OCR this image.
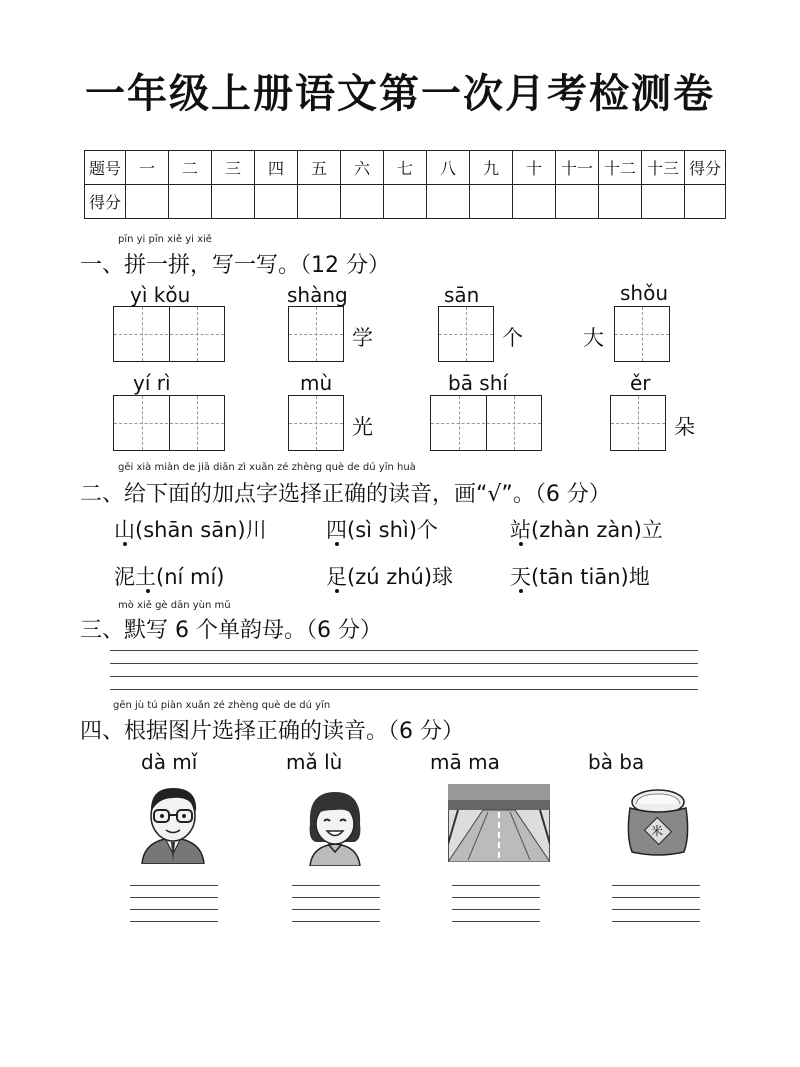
一年级上册语文第一次月考检测卷
题号	一	二	三	四	五	六	七	八	九	十	十一	十二	十三	得分
得分														
pīn yi pīn xiě yi xiě
一、拼一拼，写一写。（12 分）
yì kǒu	shàng
学
sān
个
shǒu
大
yí rì	mù
光
bā shí	ěr
朵
gěi xià miàn de jiā diǎn zì xuǎn zé zhèng què de dú yīn huà
二、给下面的加点字选择正确的读音，画“√”。（6 分）
山(shān sān)川	四(sì shì)个	站(zhàn zàn)立
泥土(ní mí)	足(zú zhú)球	天(tān tiān)地
mò xiě gè dān yùn mǔ
三、默写 6 个单韵母。（6 分）
gēn jù tú piàn xuǎn zé zhèng què de dú yīn
四、根据图片选择正确的读音。（6 分）
dà mǐ	mǎ lù	mā ma	bà ba
米
